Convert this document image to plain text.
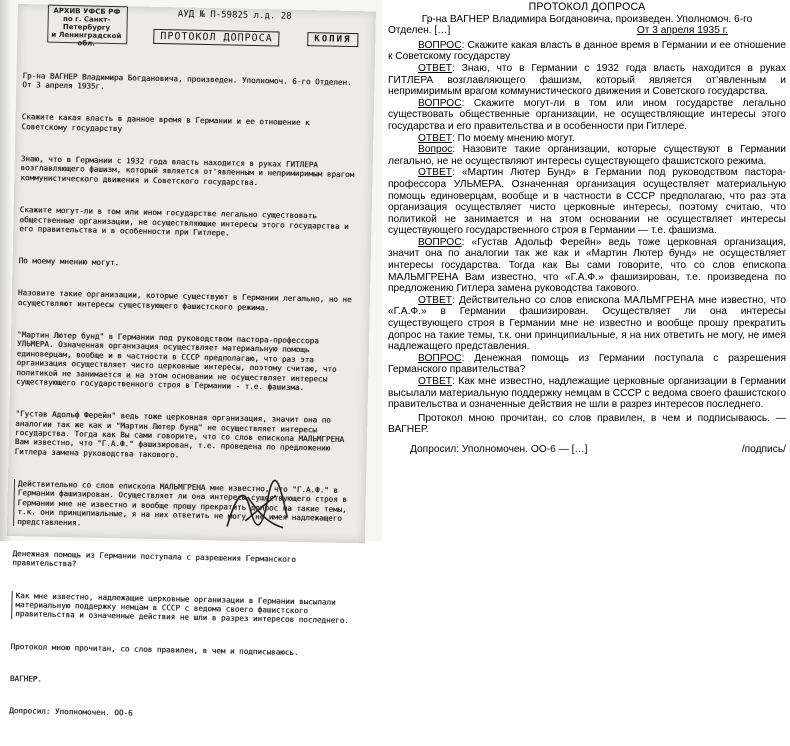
АРХИВ УФСБ РФ
по г. Санкт-Петербургу
и Ленинградской обл.
АУД № П-59825 л.д. 28
ПРОТОКОЛ ДОПРОСА	КОПИЯ

Гр-на ВАГНЕР Владимира Богдановича, произведен. Уполномоч. 6-го Отделен.      От 3 апреля 1935г.

Скажите какая власть в данное время в Германии и ее отношение к Советскому государству

Знаю, что в Германии с 1932 года власть находится в руках ГИТЛЕРА возглавляющего фашизм, который является от'явленным и непримиримым врагом коммунистического движения и Советского государства.

Скажите могут-ли в том или ином государстве легально существовать общественные организации, не осуществляющие интересы этого государства и его правительства и в особенности при Гитлере.

По моему мнению могут.

Назовите такие организации, которые существуют в Германии легально, но не осуществляют интересы существующего фашистского режима.

"Мартин Лютер бунд" в Германии под руководством пастора-профессора УЛЬМЕРА. Означенная организация осуществляет материальную помощь единоверцам, вообще и в частности в СССР предполагаю, что раз эта организация осуществляет чисто церковные интересы, поэтому считаю, что политикой не занимается и на этом основании не осуществляет интересы существующего государственного строя в Германии - т.е. фашизма.

"Густав Адольф Ферейн" ведь тоже церковная организация, значит она по аналогии так же как и "Мартин Лютер бунд" не осуществляет интересы государства. Тогда как Вы сами говорите, что со слов епископа МАЛЬМГРЕНА Вам известно, что "Г.А.Ф." фашизирован, т.е. проведена по предложению Гитлера замена руководства такового.

Действительно со слов епископа МАЛЬМГРЕНА мне известно, что "Г.А.Ф." в Германии фашизирован. Осуществляет ли она интересы существующего строя в Германии мне не известно и вообще прошу прекратить допрос на такие темы, т.к. они принципиальные, я на них ответить не могу, не имея надлежащего представления.

Денежная помощь из Германии поступала с разрешения Германского правительства?

Как мне известно, надлежащие церковные организации в Германии высылали материальную поддержку немцам в СССР с ведома своего фашистского правительства и означенные действия не шли в разрез интересов последнего.

Протокол мною прочитан, со слов правилен, в чем и подписываюсь.

ВАГНЕР.

Допросил: Уполномочен. ОО-6

ПРОТОКОЛ ДОПРОСА
Гр-на ВАГНЕР Владимира Богдановича, произведен. Уполномоч. 6-го
Отделен. […]	От 3 апреля 1935 г.

ВОПРОС: Скажите какая власть в данное время в Германии и ее отношение к Советскому государству

ОТВЕТ: Знаю, что в Германии с 1932 года власть находится в руках ГИТЛЕРА возглавляющего фашизм, который является от’явленным и непримиримым врагом коммунистического движения и Советского государства.

ВОПРОС: Скажите могут-ли в том или ином государстве легально существовать общественные организации, не осуществляющие интересы этого государства и его правительства и в особенности при Гитлере.

ОТВЕТ: По моему мнению могут.

Вопрос: Назовите такие организации, которые существуют в Германии легально, не не осуществляют интересы существующего фашистского режима.

ОТВЕТ: «Мартин Лютер Бунд» в Германии под руководством пастора-профессора УЛЬМЕРА. Означенная организация осуществляет материальную помощь единоверцам, вообще и в частности в СССР предполагаю, что раз эта организация осуществляет чисто церковные интересы, поэтому считаю, что политикой не занимается и на этом основании не осуществляет интересы существующего государственного строя в Германии — т.е. фашизма.

ВОПРОС: «Густав Адольф Ферейн» ведь тоже церковная организация, значит она по аналогии так же как и «Мартин Лютер бунд» не осуществляет интересы государства. Тогда как Вы сами говорите, что со слов епископа МАЛЬМГРЕНА Вам известно, что «Г.А.Ф.» фашизирован, т.е. произведена по предложению Гитлера замена руководства такового.

ОТВЕТ: Действительно со слов епископа МАЛЬМГРЕНА мне известно, что «Г.А.Ф.» в Германии фашизирован. Осуществляет ли она интересы существующего строя в Германии мне не известно и вообще прошу прекратить допрос на такие темы, т.к. они принципиальные, я на них ответить не могу, не имея надлежащего представления.

ВОПРОС: Денежная помощь из Германии поступала с разрешения Германского правительства?

ОТВЕТ: Как мне известно, надлежащие церковные организации в Германии высылали материальную поддержку немцам в СССР с ведома своего фашистского правительства и означенные действия не шли в разрез интересов последнего.

Протокол мною прочитан, со слов правилен, в чем и подписываюсь. — ВАГНЕР.
Допросил: Уполномочен. ОО-6 — […]	/подпись/
